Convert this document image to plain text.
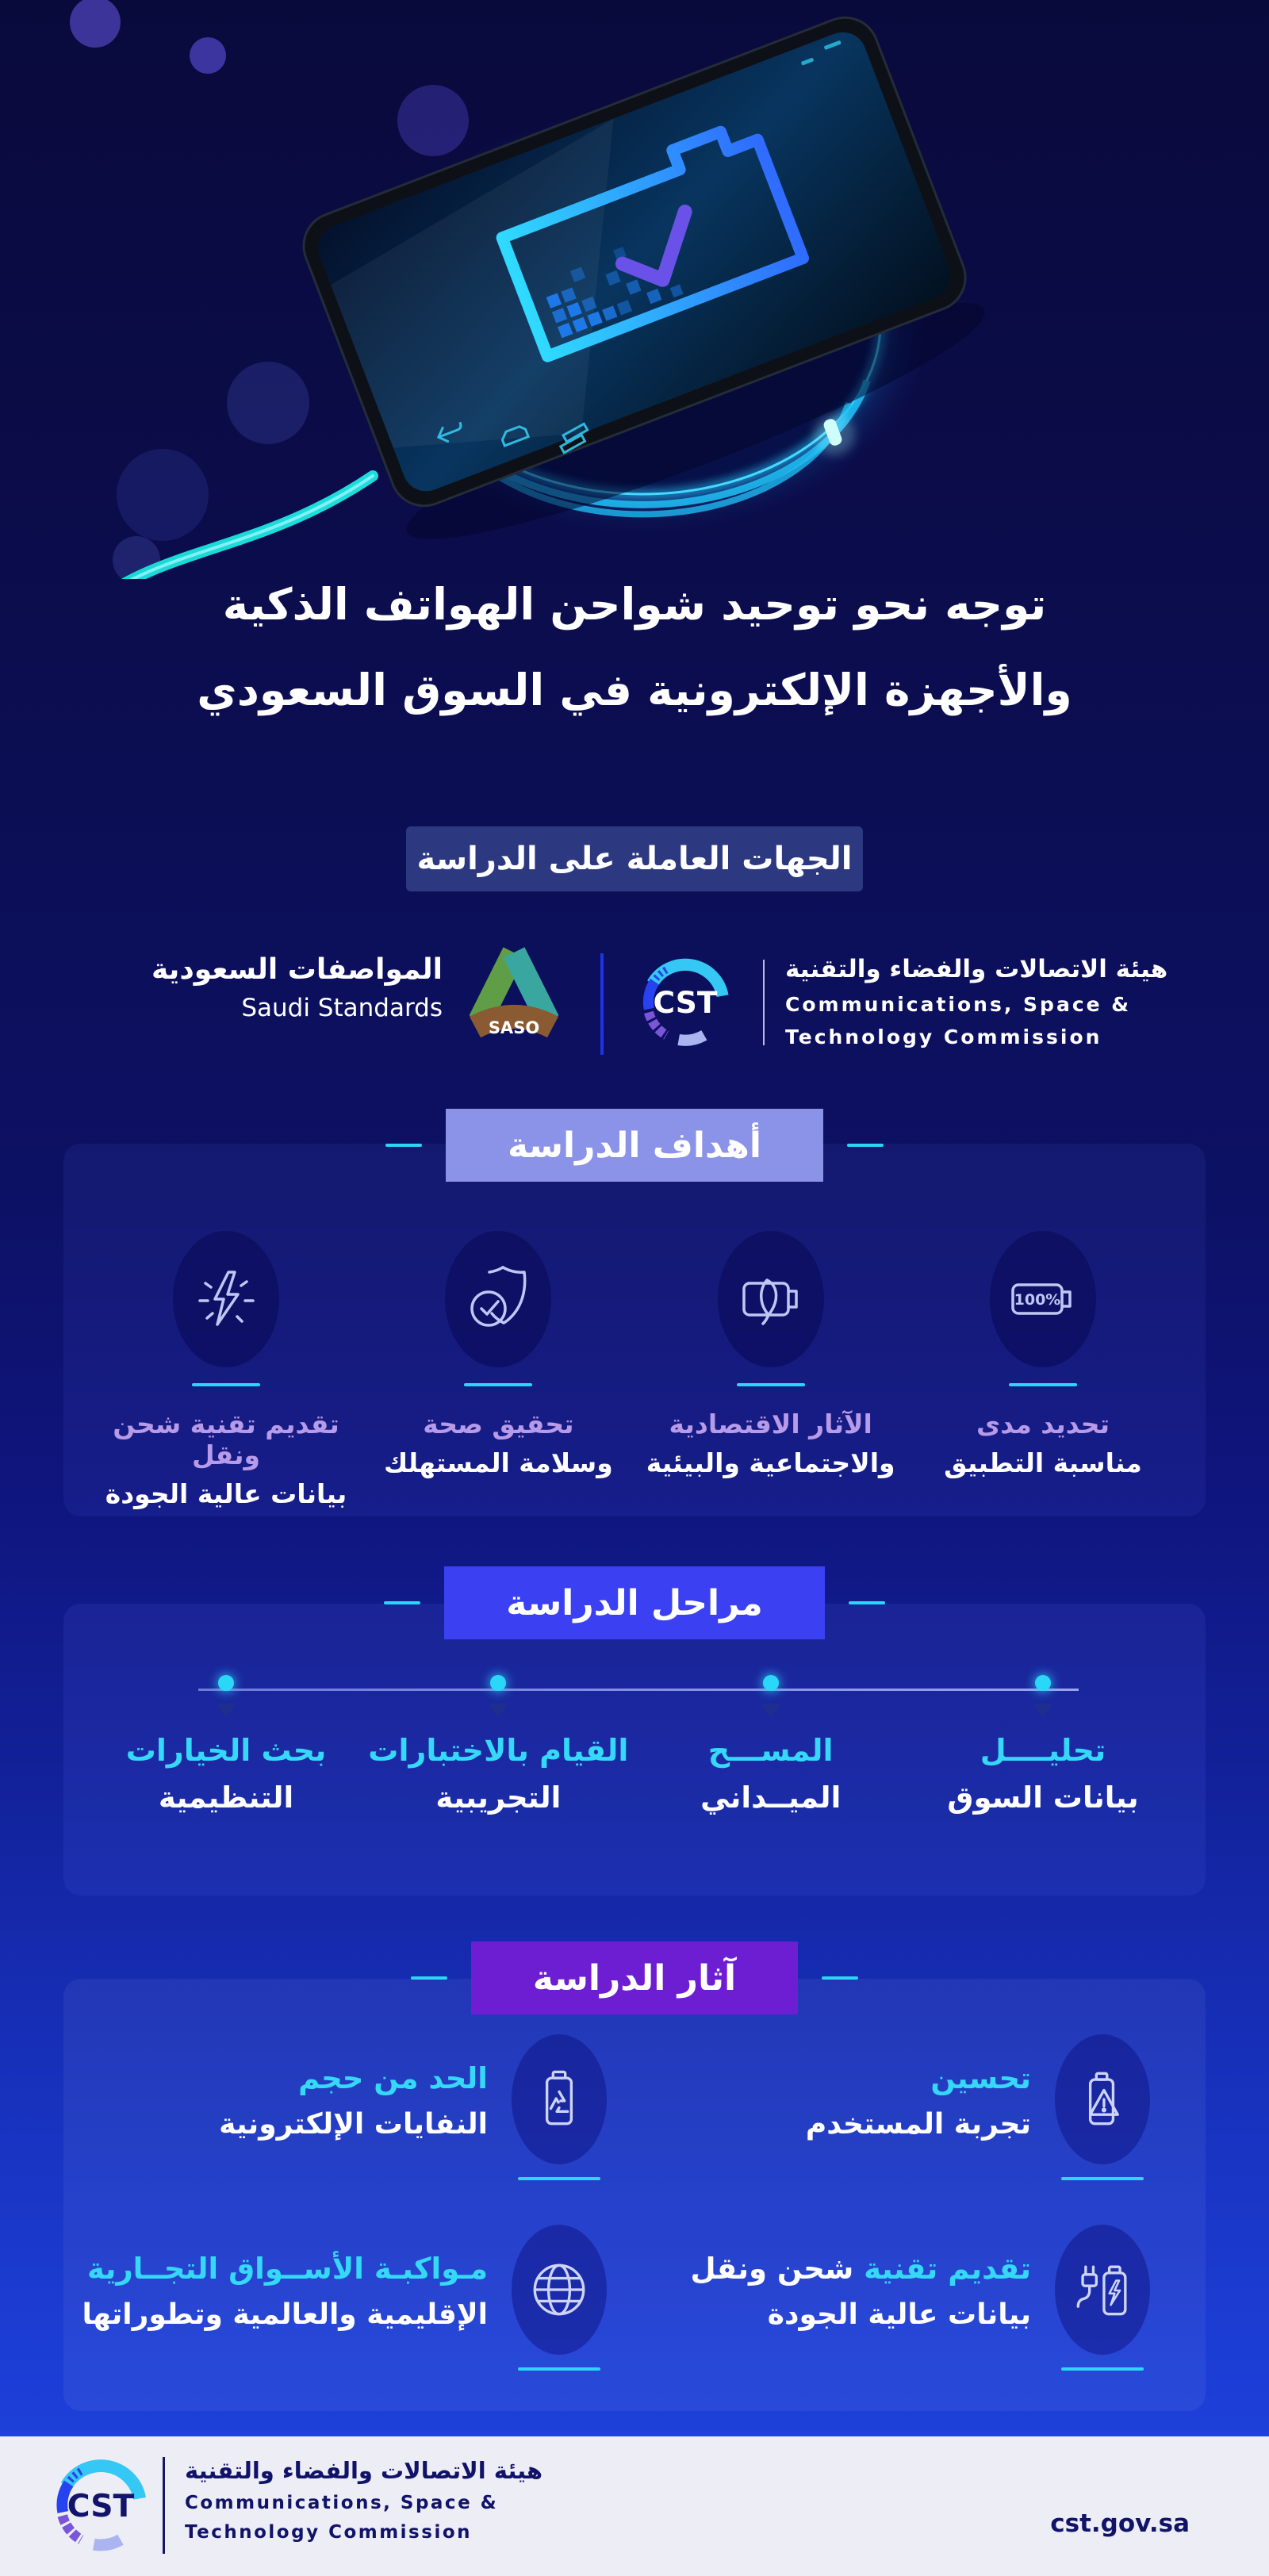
توجه نحو توحيد شواحن الهواتف الذكية
والأجهزة الإلكترونية في السوق السعودي
الجهات العاملة على الدراسة
المواصفات السعودية
Saudi Standards
SASO
CST
هيئة الاتصالات والفضاء والتقنية
Communications, Space &
Technology Commission
أهداف الدراسة
100%
تحديد مدى
مناسبة التطبيق
الآثار الاقتصادية
والاجتماعية والبيئية
تحقيق صحة
وسلامة المستهلك
تقديم تقنية شحن ونقل
بيانات عالية الجودة
مراحل الدراسة
تحليــــل
بيانات السوق
المســـح
الميــداني
القيام بالاختبارات
التجريبية
بحث الخيارات
التنظيمية
آثار الدراسة
تحسين
تجربة المستخدم
الحد من حجم
النفايات الإلكترونية
تقديم تقنية شحن ونقل
بيانات عالية الجودة
مـواكبـة الأســواق التجــارية
الإقليمية والعالمية وتطوراتها
CST
هيئة الاتصالات والفضاء والتقنية
Communications, Space &
Technology Commission	cst.gov.sa
